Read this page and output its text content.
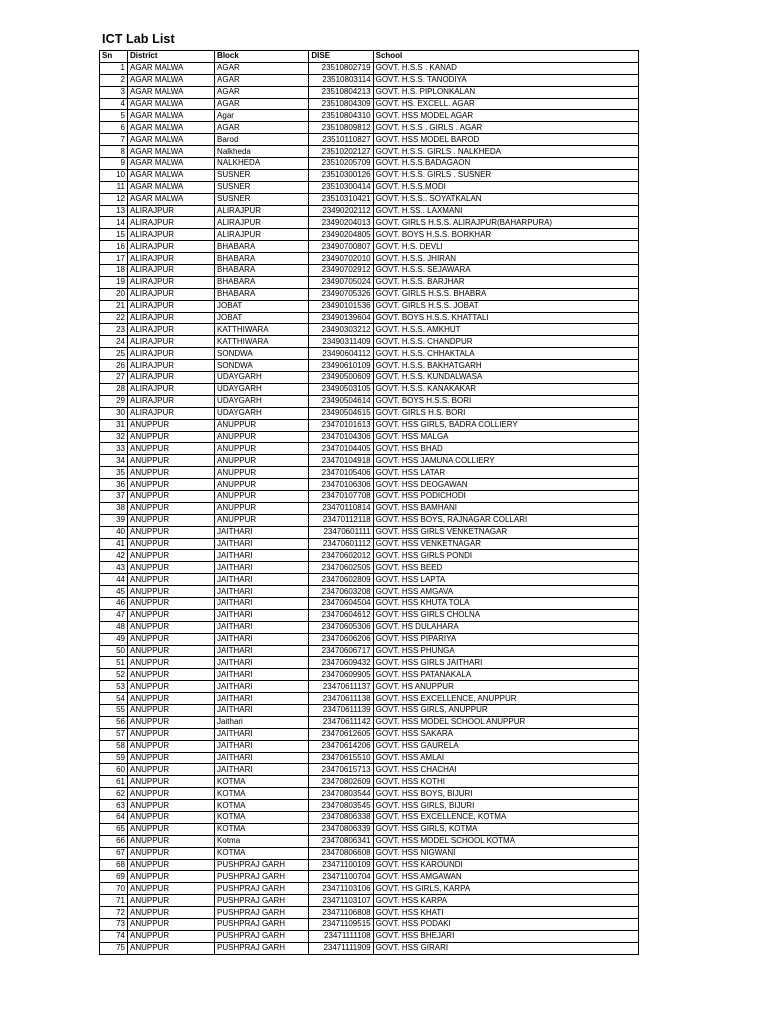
ICT Lab List
Sn	District	Block	DISE	School
1	AGAR MALWA	AGAR	23510802719	GOVT. H.S.S . KANAD
2	AGAR MALWA	AGAR	23510803114	GOVT. H.S.S. TANODIYA
3	AGAR MALWA	AGAR	23510804213	GOVT. H.S. PIPLONKALAN
4	AGAR MALWA	AGAR	23510804309	GOVT. HS. EXCELL. AGAR
5	AGAR MALWA	Agar	23510804310	GOVT. HSS MODEL AGAR
6	AGAR MALWA	AGAR	23510809812	GOVT. H.S.S . GIRLS . AGAR
7	AGAR MALWA	Barod	23510110827	GOVT. HSS MODEL BAROD
8	AGAR MALWA	Nalkheda	23510202127	GOVT. H.S.S. GIRLS . NALKHEDA
9	AGAR MALWA	NALKHEDA	23510205709	GOVT. H.S.S.BADAGAON
10	AGAR MALWA	SUSNER	23510300126	GOVT. H.S.S. GIRLS . SUSNER
11	AGAR MALWA	SUSNER	23510300414	GOVT. H.S.S.MODI
12	AGAR MALWA	SUSNER	23510310421	GOVT. H.S.S.. SOYATKALAN
13	ALIRAJPUR	ALIRAJPUR	23490202112	GOVT. H.SS.. LAXMANI
14	ALIRAJPUR	ALIRAJPUR	23490204013	GOVT. GIRLS H.S.S. ALIRAJPUR(BAHARPURA)
15	ALIRAJPUR	ALIRAJPUR	23490204805	GOVT. BOYS H.S.S. BORKHAR
16	ALIRAJPUR	BHABARA	23490700807	GOVT. H.S. DEVLI
17	ALIRAJPUR	BHABARA	23490702010	GOVT. H.S.S. JHIRAN
18	ALIRAJPUR	BHABARA	23490702912	GOVT. H.S.S. SEJAWARA
19	ALIRAJPUR	BHABARA	23490705024	GOVT. H.S.S. BARJHAR
20	ALIRAJPUR	BHABARA	23490705326	GOVT. GIRLS H.S.S. BHABRA
21	ALIRAJPUR	JOBAT	23490101536	GOVT. GIRLS H.S.S. JOBAT
22	ALIRAJPUR	JOBAT	23490139604	GOVT. BOYS H.S.S. KHATTALI
23	ALIRAJPUR	KATTHIWARA	23490303212	GOVT. H.S.S. AMKHUT
24	ALIRAJPUR	KATTHIWARA	23490311409	GOVT. H.S.S. CHANDPUR
25	ALIRAJPUR	SONDWA	23490604112	GOVT. H.S.S. CHHAKTALA
26	ALIRAJPUR	SONDWA	23490610109	GOVT. H.S.S. BAKHATGARH
27	ALIRAJPUR	UDAYGARH	23490500609	GOVT. H.S.S. KUNDALWASA
28	ALIRAJPUR	UDAYGARH	23490503105	GOVT. H.S.S. KANAKAKAR
29	ALIRAJPUR	UDAYGARH	23490504614	GOVT. BOYS H.S.S. BORI
30	ALIRAJPUR	UDAYGARH	23490504615	GOVT. GIRLS H.S. BORI
31	ANUPPUR	ANUPPUR	23470101613	GOVT. HSS GIRLS, BADRA COLLIERY
32	ANUPPUR	ANUPPUR	23470104306	GOVT. HSS MALGA
33	ANUPPUR	ANUPPUR	23470104405	GOVT. HSS BHAD
34	ANUPPUR	ANUPPUR	23470104918	GOVT. HSS JAMUNA COLLIERY
35	ANUPPUR	ANUPPUR	23470105406	GOVT. HSS LATAR
36	ANUPPUR	ANUPPUR	23470106306	GOVT. HSS DEOGAWAN
37	ANUPPUR	ANUPPUR	23470107708	GOVT. HSS PODICHODI
38	ANUPPUR	ANUPPUR	23470110814	GOVT. HSS BAMHANI
39	ANUPPUR	ANUPPUR	23470112118	GOVT. HSS BOYS, RAJNAGAR COLLARI
40	ANUPPUR	JAITHARI	23470601111	GOVT. HSS GIRLS VENKETNAGAR
41	ANUPPUR	JAITHARI	23470601112	GOVT. HSS VENKETNAGAR
42	ANUPPUR	JAITHARI	23470602012	GOVT. HSS GIRLS PONDI
43	ANUPPUR	JAITHARI	23470602505	GOVT. HSS BEED
44	ANUPPUR	JAITHARI	23470602809	GOVT. HSS LAPTA
45	ANUPPUR	JAITHARI	23470603208	GOVT. HSS AMGAVA
46	ANUPPUR	JAITHARI	23470604504	GOVT. HSS KHUTA TOLA
47	ANUPPUR	JAITHARI	23470604612	GOVT. HSS GIRLS CHOLNA
48	ANUPPUR	JAITHARI	23470605306	GOVT. HS DULAHARA
49	ANUPPUR	JAITHARI	23470606206	GOVT. HSS PIPARIYA
50	ANUPPUR	JAITHARI	23470606717	GOVT. HSS PHUNGA
51	ANUPPUR	JAITHARI	23470609432	GOVT. HSS GIRLS JAITHARI
52	ANUPPUR	JAITHARI	23470609905	GOVT. HSS PATANAKALA
53	ANUPPUR	JAITHARI	23470611137	GOVT. HS ANUPPUR
54	ANUPPUR	JAITHARI	23470611138	GOVT. HSS EXCELLENCE, ANUPPUR
55	ANUPPUR	JAITHARI	23470611139	GOVT. HSS GIRLS, ANUPPUR
56	ANUPPUR	Jaithari	23470611142	GOVT. HSS MODEL SCHOOL ANUPPUR
57	ANUPPUR	JAITHARI	23470612605	GOVT. HSS SAKARA
58	ANUPPUR	JAITHARI	23470614206	GOVT. HSS GAURELA
59	ANUPPUR	JAITHARI	23470615510	GOVT. HSS AMLAI
60	ANUPPUR	JAITHARI	23470615713	GOVT. HSS CHACHAI
61	ANUPPUR	KOTMA	23470802609	GOVT. HSS KOTHI
62	ANUPPUR	KOTMA	23470803544	GOVT. HSS BOYS, BIJURI
63	ANUPPUR	KOTMA	23470803545	GOVT. HSS GIRLS, BIJURI
64	ANUPPUR	KOTMA	23470806338	GOVT. HSS EXCELLENCE, KOTMA
65	ANUPPUR	KOTMA	23470806339	GOVT. HSS GIRLS, KOTMA
66	ANUPPUR	Kotma	23470806341	GOVT. HSS MODEL SCHOOL KOTMA
67	ANUPPUR	KOTMA	23470806608	GOVT. HSS NIGWANI
68	ANUPPUR	PUSHPRAJ GARH	23471100109	GOVT. HSS KAROUNDI
69	ANUPPUR	PUSHPRAJ GARH	23471100704	GOVT. HSS AMGAWAN
70	ANUPPUR	PUSHPRAJ GARH	23471103106	GOVT. HS GIRLS, KARPA
71	ANUPPUR	PUSHPRAJ GARH	23471103107	GOVT. HSS KARPA
72	ANUPPUR	PUSHPRAJ GARH	23471106808	GOVT. HSS KHATI
73	ANUPPUR	PUSHPRAJ GARH	23471109515	GOVT. HSS PODAKI
74	ANUPPUR	PUSHPRAJ GARH	23471111108	GOVT. HSS BHEJARI
75	ANUPPUR	PUSHPRAJ GARH	23471111909	GOVT. HSS GIRARI
